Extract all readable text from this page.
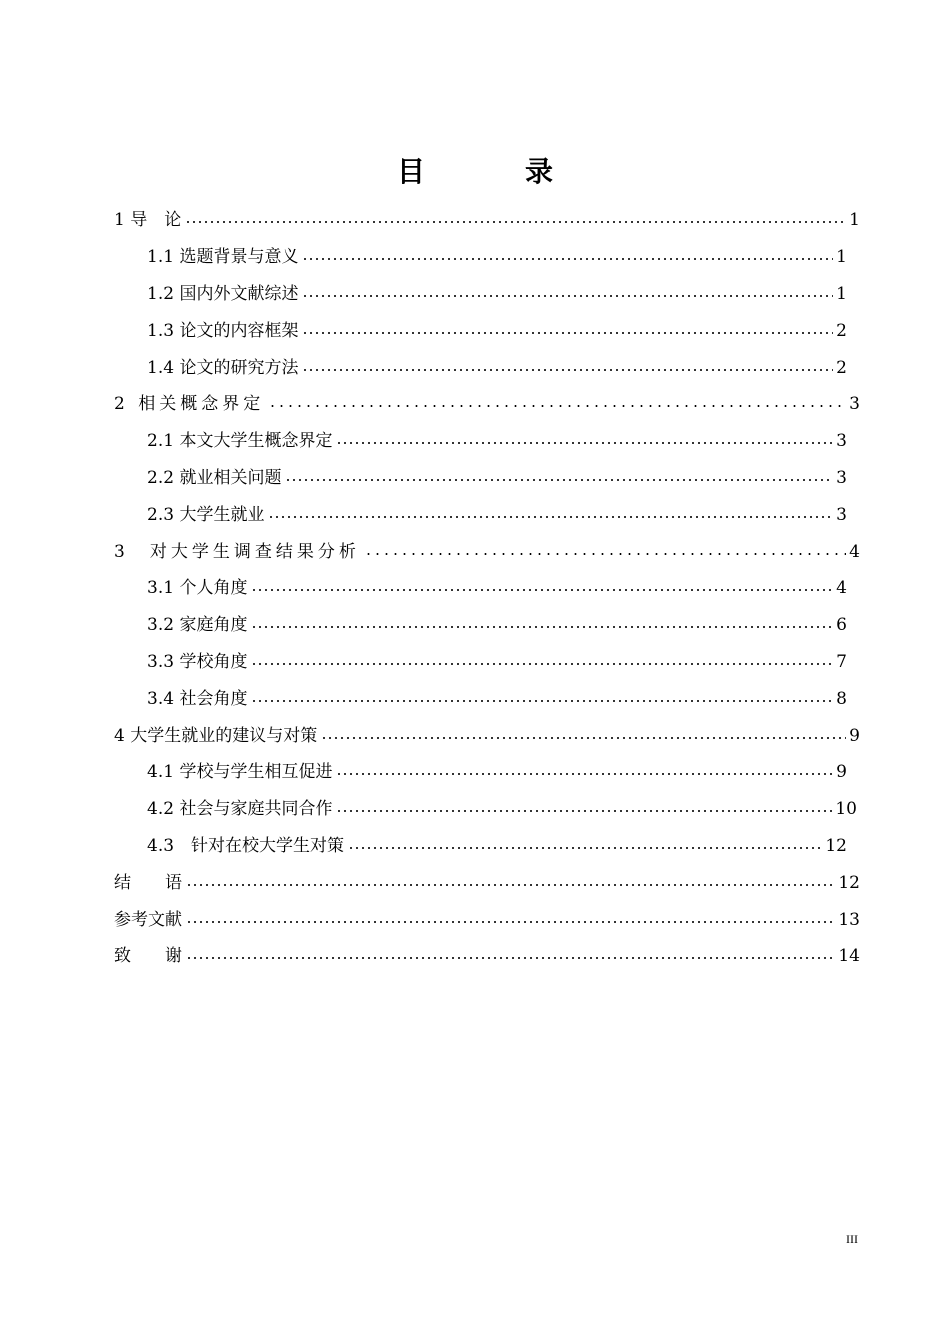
目　录
1 导　论	1
1.1 选题背景与意义	1
1.2 国内外文献综述	1
1.3 论文的内容框架	2
1.4 论文的研究方法	2
2 相关概念界定	3
2.1 本文大学生概念界定	3
2.2 就业相关问题	3
2.3 大学生就业	3
3　对大学生调查结果分析	4
3.1 个人角度	4
3.2 家庭角度	6
3.3 学校角度	7
3.4 社会角度	8
4 大学生就业的建议与对策	9
4.1 学校与学生相互促进	9
4.2 社会与家庭共同合作	10
4.3　针对在校大学生对策	12
结　　语	12
参考文献	13
致　　谢	14
III
